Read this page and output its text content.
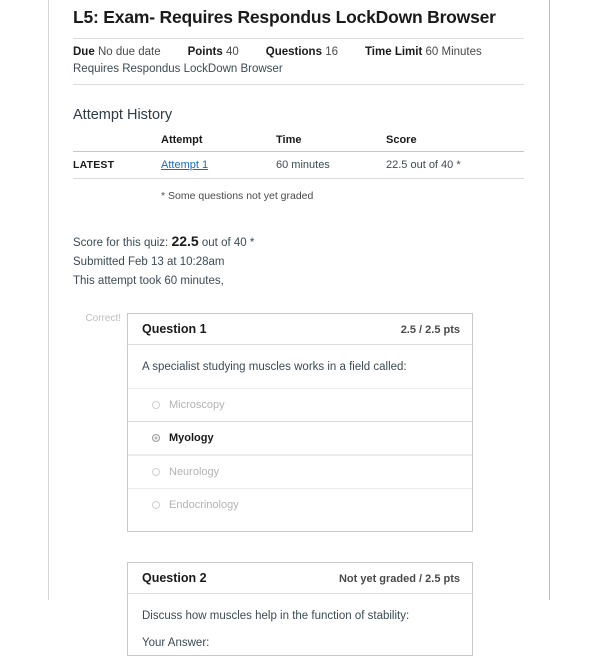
L5: Exam- Requires Respondus LockDown Browser
Due No due date Points 40 Questions 16 Time Limit 60 Minutes
Requires Respondus LockDown Browser
Attempt History
	Attempt	Time	Score
LATEST	Attempt 1	60 minutes	22.5 out of 40 *
* Some questions not yet graded
Score for this quiz: 22.5 out of 40 *
Submitted Feb 13 at 10:28am
This attempt took 60 minutes,
Correct!
Question 1	2.5 / 2.5 pts
A specialist studying muscles works in a field called:
Microscopy
Myology
Neurology
Endocrinology
Question 2	Not yet graded / 2.5 pts
Discuss how muscles help in the function of stability:
Your Answer:
